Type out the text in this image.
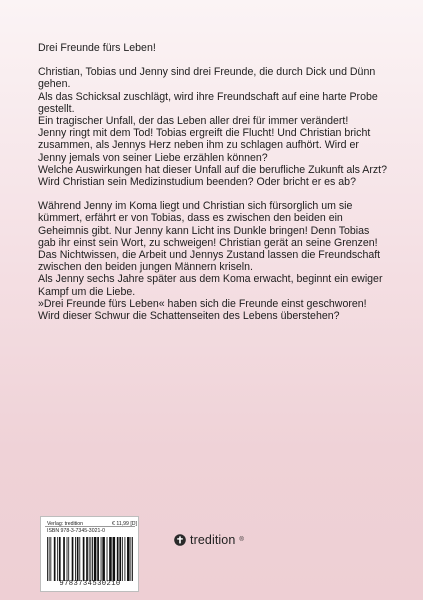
Drei Freunde fürs Leben!

Christian, Tobias und Jenny sind drei Freunde, die durch Dick und Dünn gehen.

Als das Schicksal zuschlägt, wird ihre Freundschaft auf eine harte Probe gestellt.

Ein tragischer Unfall, der das Leben aller drei für immer verändert!

Jenny ringt mit dem Tod! Tobias ergreift die Flucht! Und Christian bricht zusammen, als Jennys Herz neben ihm zu schlagen aufhört. Wird er Jenny jemals von seiner Liebe erzählen können?

Welche Auswirkungen hat dieser Unfall auf die berufliche Zukunft als Arzt? Wird Christian sein Medizinstudium beenden? Oder bricht er es ab?

Während Jenny im Koma liegt und Christian sich fürsorglich um sie kümmert, erfährt er von Tobias, dass es zwischen den beiden ein Geheimnis gibt. Nur Jenny kann Licht ins Dunkle bringen! Denn Tobias gab ihr einst sein Wort, zu schweigen! Christian gerät an seine Grenzen!

Das Nichtwissen, die Arbeit und Jennys Zustand lassen die Freundschaft zwischen den beiden jungen Männern kriseln.

Als Jenny sechs Jahre später aus dem Koma erwacht, beginnt ein ewiger Kampf um die Liebe.

»Drei Freunde fürs Leben« haben sich die Freunde einst geschworen! Wird dieser Schwur die Schattenseiten des Lebens überstehen?

Verlag: tredition	€ 11,99 [D]
ISBN 978-3-7345-3021-0
9783734530210
tredition ®
